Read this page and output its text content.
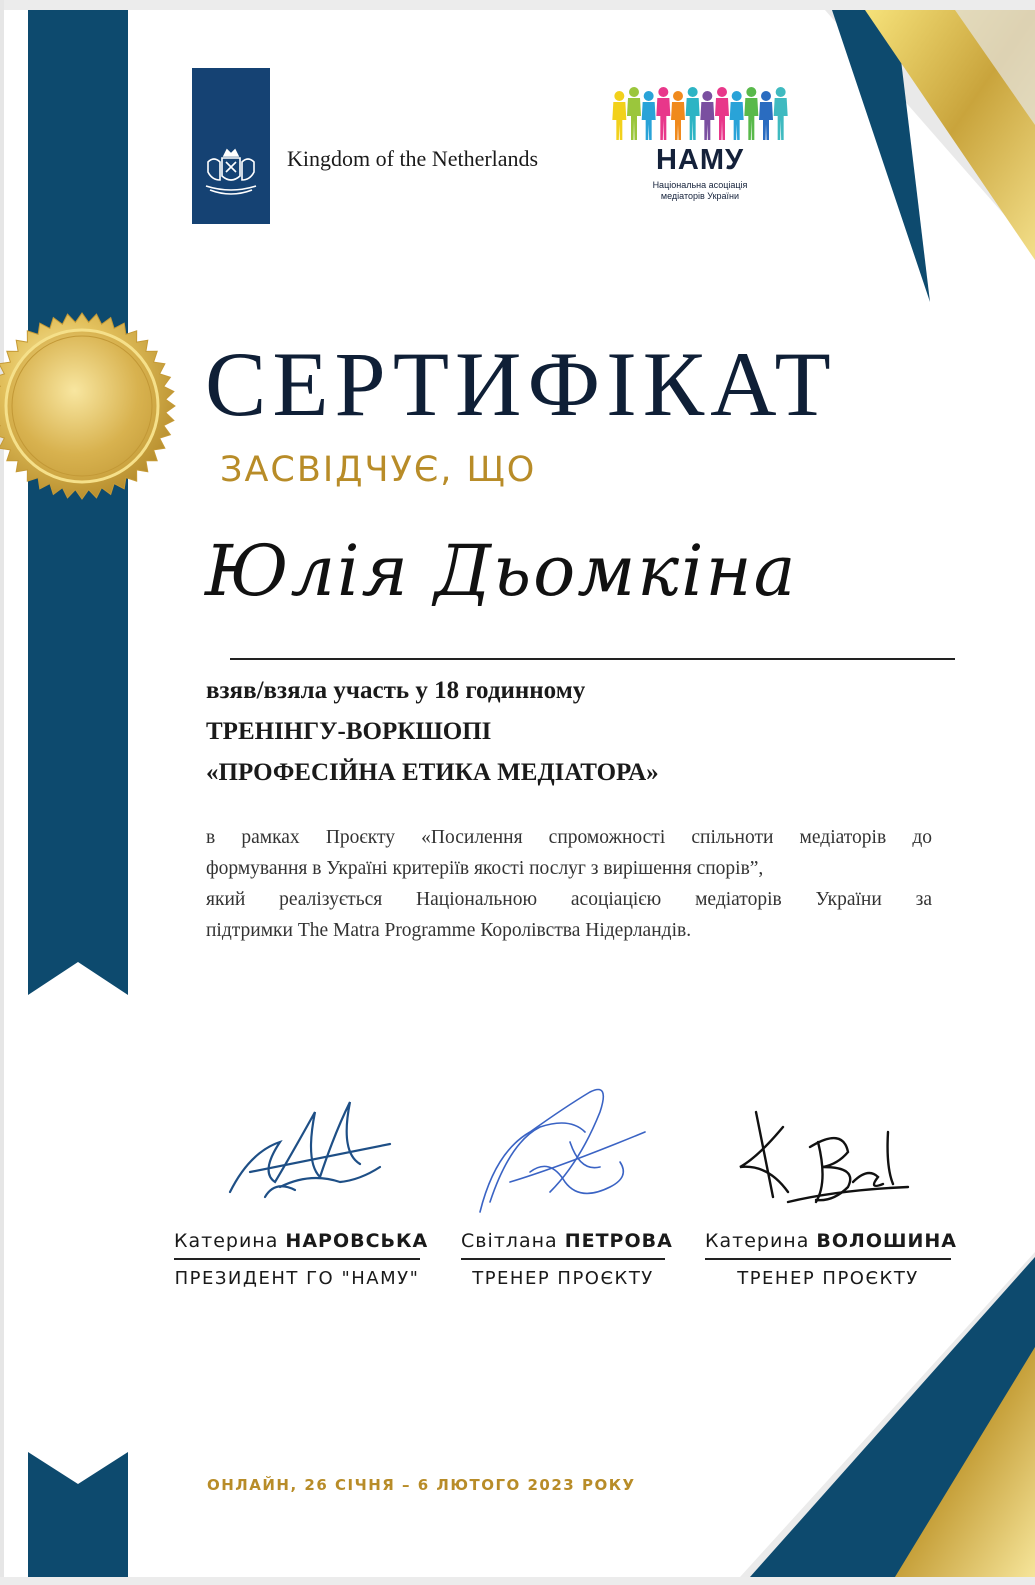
Kingdom of the Netherlands	НАМУ
Національна асоціація
медіаторів України
СЕРТИФІКАТ
ЗАСВІДЧУЄ, ЩО
Юлія Дьомкіна
взяв/взяла участь у 18 годинному
ТРЕНІНГУ-ВОРКШОПІ
«ПРОФЕСІЙНА ЕТИКА МЕДІАТОРА»
в рамках Проєкту «Посилення спроможності спільноти медіаторів до
формування в Україні критеріїв якості послуг з вирішення спорів”,
який реалізується Національною асоціацією медіаторів України за
підтримки The Matra Programme Королівства Нідерландів.
Катерина НАРОВСЬКА
ПРЕЗИДЕНТ ГО "НАМУ"
Світлана ПЕТРОВА
ТРЕНЕР ПРОЄКТУ
Катерина ВОЛОШИНА
ТРЕНЕР ПРОЄКТУ
ОНЛАЙН, 26 СІЧНЯ – 6 ЛЮТОГО 2023 РОКУ
